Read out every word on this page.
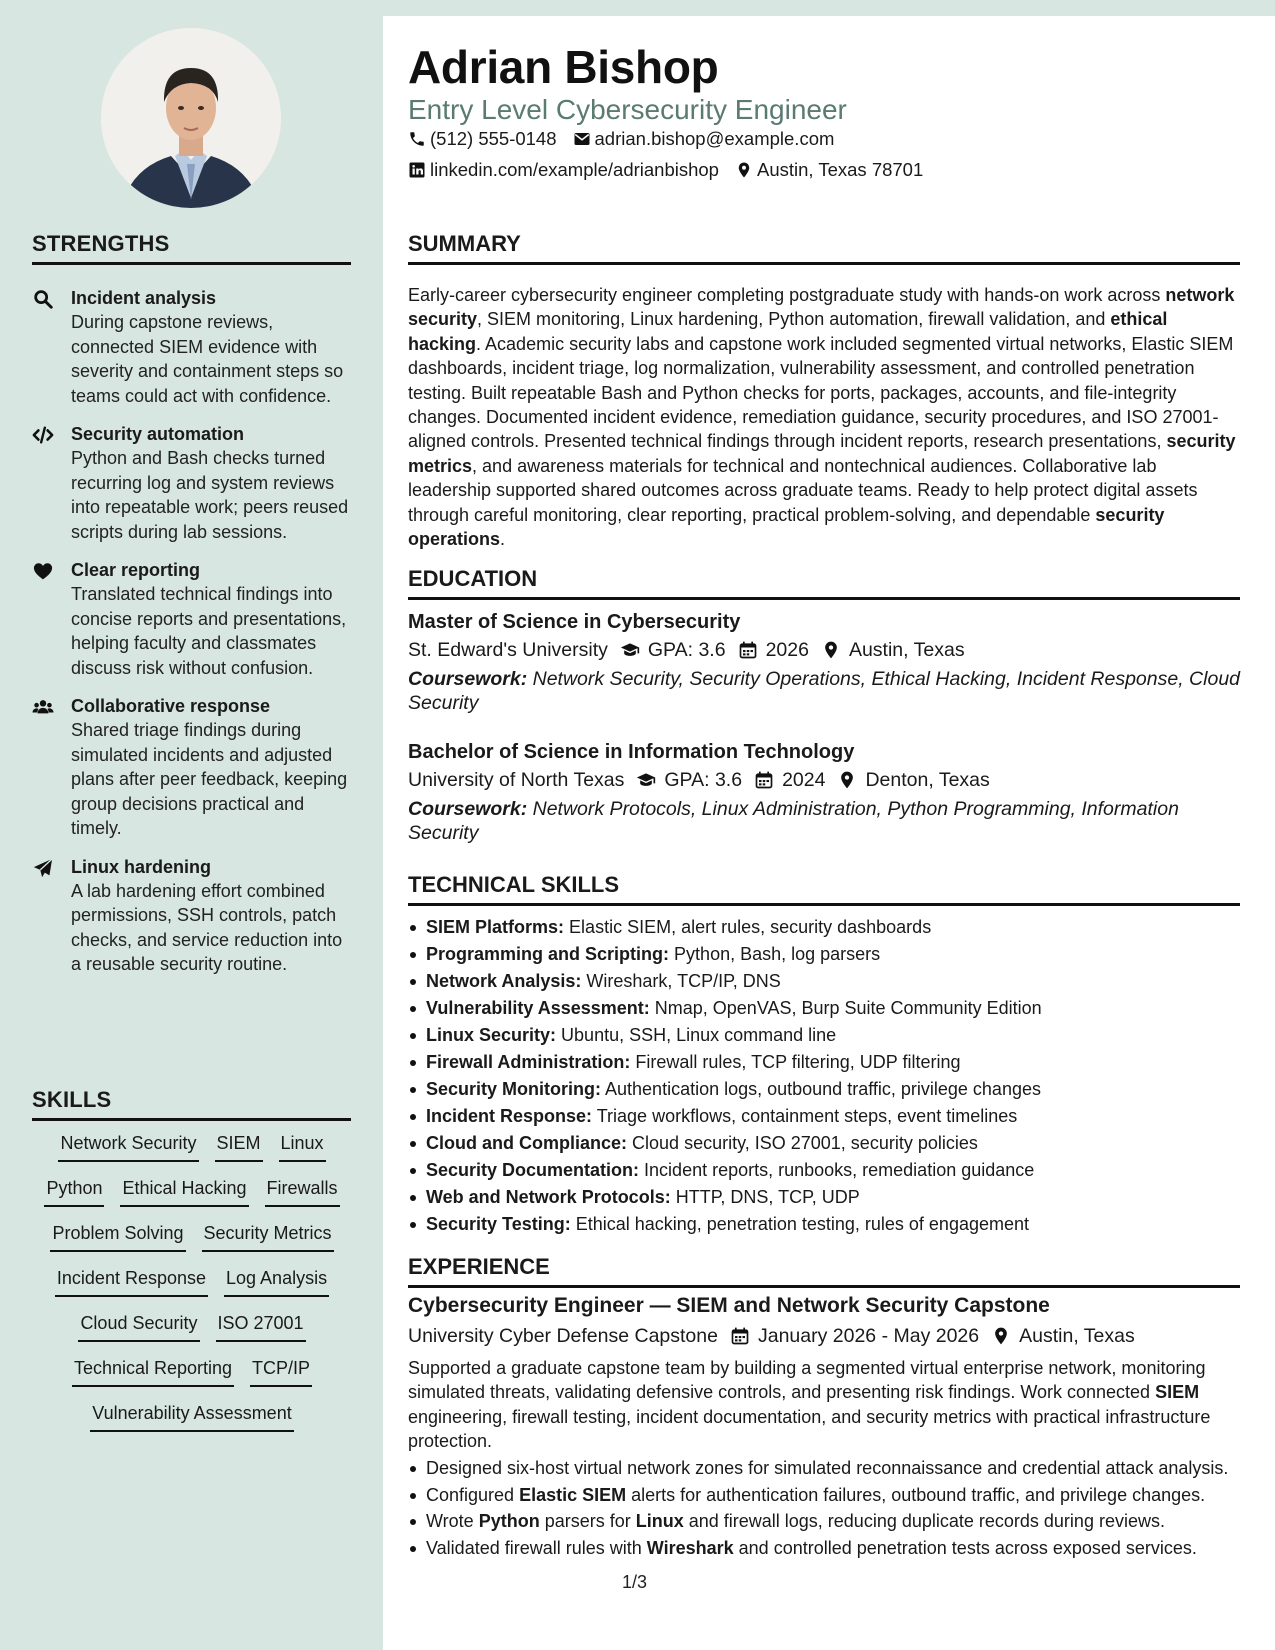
Adrian Bishop
Entry Level Cybersecurity Engineer
(512) 555-0148 adrian.bishop@example.com
linkedin.com/example/adrianbishop Austin, Texas 78701
STRENGTHS
Incident analysis
During capstone reviews, connected SIEM evidence with severity and containment steps so teams could act with confidence.
Security automation
Python and Bash checks turned recurring log and system reviews into repeatable work; peers reused scripts during lab sessions.
Clear reporting
Translated technical findings into concise reports and presentations, helping faculty and classmates discuss risk without confusion.
Collaborative response
Shared triage findings during simulated incidents and adjusted plans after peer feedback, keeping group decisions practical and timely.
Linux hardening
A lab hardening effort combined permissions, SSH controls, patch checks, and service reduction into a reusable security routine.
SKILLS
Network Security SIEM Linux
Python Ethical Hacking Firewalls
Problem Solving Security Metrics
Incident Response Log Analysis
Cloud Security ISO 27001
Technical Reporting TCP/IP
Vulnerability Assessment
SUMMARY
Early-career cybersecurity engineer completing postgraduate study with hands-on work across network security, SIEM monitoring, Linux hardening, Python automation, firewall validation, and ethical hacking. Academic security labs and capstone work included segmented virtual networks, Elastic SIEM dashboards, incident triage, log normalization, vulnerability assessment, and controlled penetration testing. Built repeatable Bash and Python checks for ports, packages, accounts, and file-integrity changes. Documented incident evidence, remediation guidance, security procedures, and ISO 27001-aligned controls. Presented technical findings through incident reports, research presentations, security metrics, and awareness materials for technical and nontechnical audiences. Collaborative lab leadership supported shared outcomes across graduate teams. Ready to help protect digital assets through careful monitoring, clear reporting, practical problem-solving, and dependable security operations.
EDUCATION
Master of Science in Cybersecurity
St. Edward's University GPA: 3.6 2026 Austin, Texas
Coursework: Network Security, Security Operations, Ethical Hacking, Incident Response, Cloud Security
Bachelor of Science in Information Technology
University of North Texas GPA: 3.6 2024 Denton, Texas
Coursework: Network Protocols, Linux Administration, Python Programming, Information Security
TECHNICAL SKILLS
SIEM Platforms: Elastic SIEM, alert rules, security dashboards
Programming and Scripting: Python, Bash, log parsers
Network Analysis: Wireshark, TCP/IP, DNS
Vulnerability Assessment: Nmap, OpenVAS, Burp Suite Community Edition
Linux Security: Ubuntu, SSH, Linux command line
Firewall Administration: Firewall rules, TCP filtering, UDP filtering
Security Monitoring: Authentication logs, outbound traffic, privilege changes
Incident Response: Triage workflows, containment steps, event timelines
Cloud and Compliance: Cloud security, ISO 27001, security policies
Security Documentation: Incident reports, runbooks, remediation guidance
Web and Network Protocols: HTTP, DNS, TCP, UDP
Security Testing: Ethical hacking, penetration testing, rules of engagement
EXPERIENCE
Cybersecurity Engineer — SIEM and Network Security Capstone
University Cyber Defense Capstone January 2026 - May 2026 Austin, Texas
Supported a graduate capstone team by building a segmented virtual enterprise network, monitoring simulated threats, validating defensive controls, and presenting risk findings. Work connected SIEM engineering, firewall testing, incident documentation, and security metrics with practical infrastructure protection.
Designed six-host virtual network zones for simulated reconnaissance and credential attack analysis.
Configured Elastic SIEM alerts for authentication failures, outbound traffic, and privilege changes.
Wrote Python parsers for Linux and firewall logs, reducing duplicate records during reviews.
Validated firewall rules with Wireshark and controlled penetration tests across exposed services.
1/3
